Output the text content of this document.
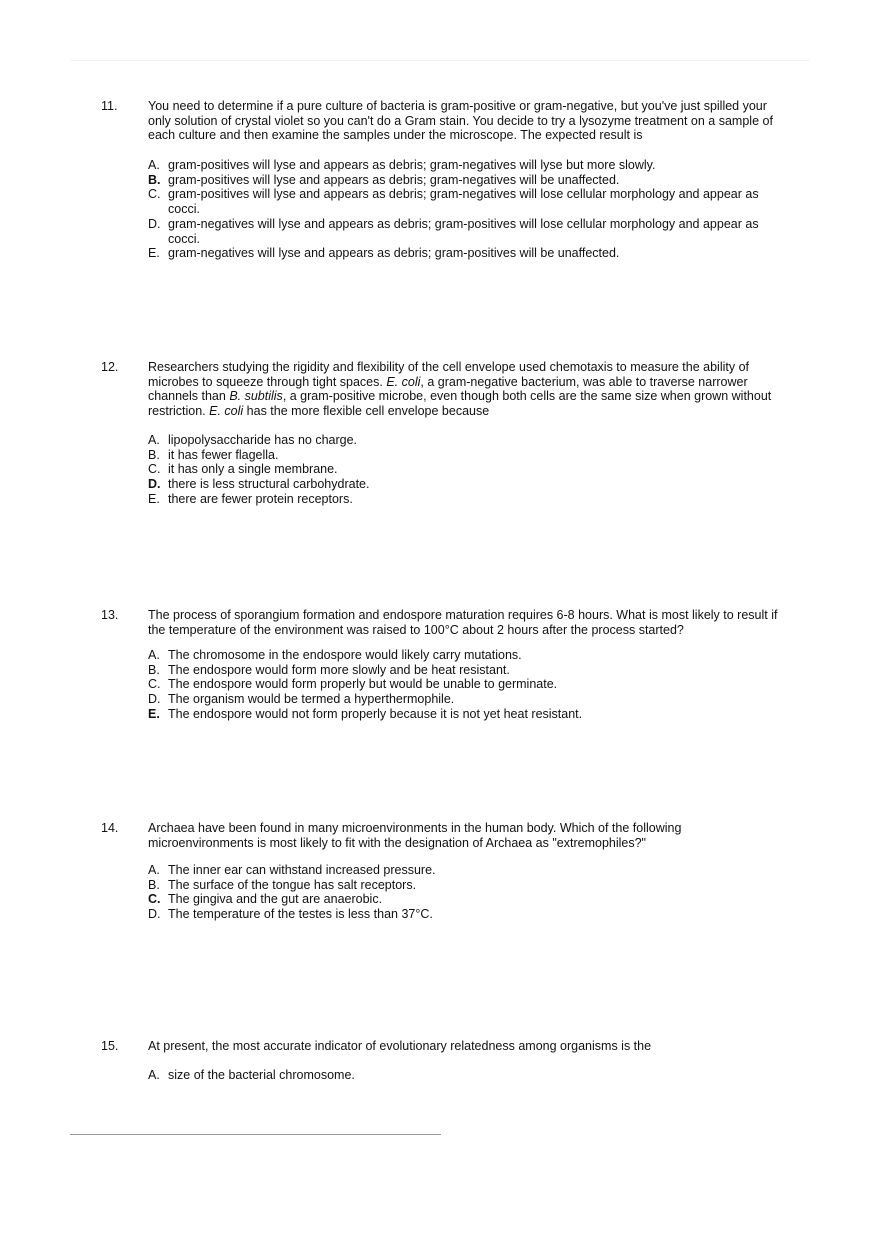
11. You need to determine if a pure culture of bacteria is gram-positive or gram-negative, but you've just spilled your only solution of crystal violet so you can't do a Gram stain. You decide to try a lysozyme treatment on a sample of each culture and then examine the samples under the microscope. The expected result is
A. gram-positives will lyse and appears as debris; gram-negatives will lyse but more slowly.
B. gram-positives will lyse and appears as debris; gram-negatives will be unaffected.
C. gram-positives will lyse and appears as debris; gram-negatives will lose cellular morphology and appear as cocci.
D. gram-negatives will lyse and appears as debris; gram-positives will lose cellular morphology and appear as cocci.
E. gram-negatives will lyse and appears as debris; gram-positives will be unaffected.
12. Researchers studying the rigidity and flexibility of the cell envelope used chemotaxis to measure the ability of microbes to squeeze through tight spaces. E. coli, a gram-negative bacterium, was able to traverse narrower channels than B. subtilis, a gram-positive microbe, even though both cells are the same size when grown without restriction. E. coli has the more flexible cell envelope because
A. lipopolysaccharide has no charge.
B. it has fewer flagella.
C. it has only a single membrane.
D. there is less structural carbohydrate.
E. there are fewer protein receptors.
13. The process of sporangium formation and endospore maturation requires 6-8 hours. What is most likely to result if the temperature of the environment was raised to 100°C about 2 hours after the process started?
A. The chromosome in the endospore would likely carry mutations.
B. The endospore would form more slowly and be heat resistant.
C. The endospore would form properly but would be unable to germinate.
D. The organism would be termed a hyperthermophile.
E. The endospore would not form properly because it is not yet heat resistant.
14. Archaea have been found in many microenvironments in the human body. Which of the following microenvironments is most likely to fit with the designation of Archaea as "extremophiles?"
A. The inner ear can withstand increased pressure.
B. The surface of the tongue has salt receptors.
C. The gingiva and the gut are anaerobic.
D. The temperature of the testes is less than 37°C.
15. At present, the most accurate indicator of evolutionary relatedness among organisms is the
A. size of the bacterial chromosome.
